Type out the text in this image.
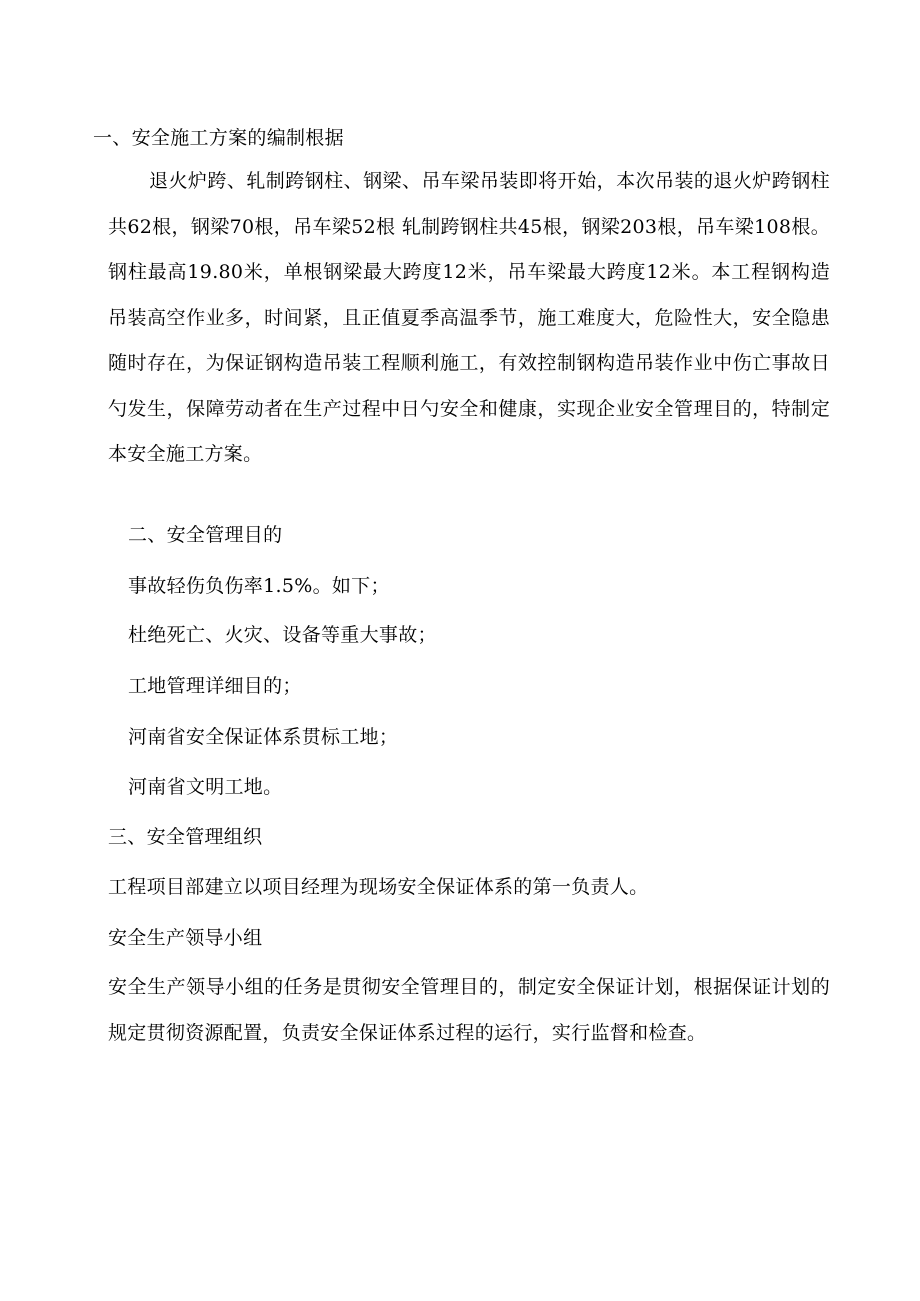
一、安全施工方案的编制根据
退火炉跨、轧制跨钢柱、钢梁、吊车梁吊装即将开始，本次吊装的退火炉跨钢柱共62根，钢梁70根，吊车梁52根 轧制跨钢柱共45根，钢梁203根，吊车梁108根。钢柱最高19.80米，单根钢梁最大跨度12米，吊车梁最大跨度12米。本工程钢构造吊装高空作业多，时间紧，且正值夏季高温季节，施工难度大，危险性大，安全隐患随时存在，为保证钢构造吊装工程顺利施工，有效控制钢构造吊装作业中伤亡事故日勺发生，保障劳动者在生产过程中日勺安全和健康，实现企业安全管理目的，特制定本安全施工方案。
二、安全管理目的
事故轻伤负伤率1.5%。如下；
杜绝死亡、火灾、设备等重大事故；
工地管理详细目的；
河南省安全保证体系贯标工地；
河南省文明工地。
三、安全管理组织
工程项目部建立以项目经理为现场安全保证体系的第一负责人。
安全生产领导小组
安全生产领导小组的任务是贯彻安全管理目的，制定安全保证计划，根据保证计划的规定贯彻资源配置，负责安全保证体系过程的运行，实行监督和检查。
